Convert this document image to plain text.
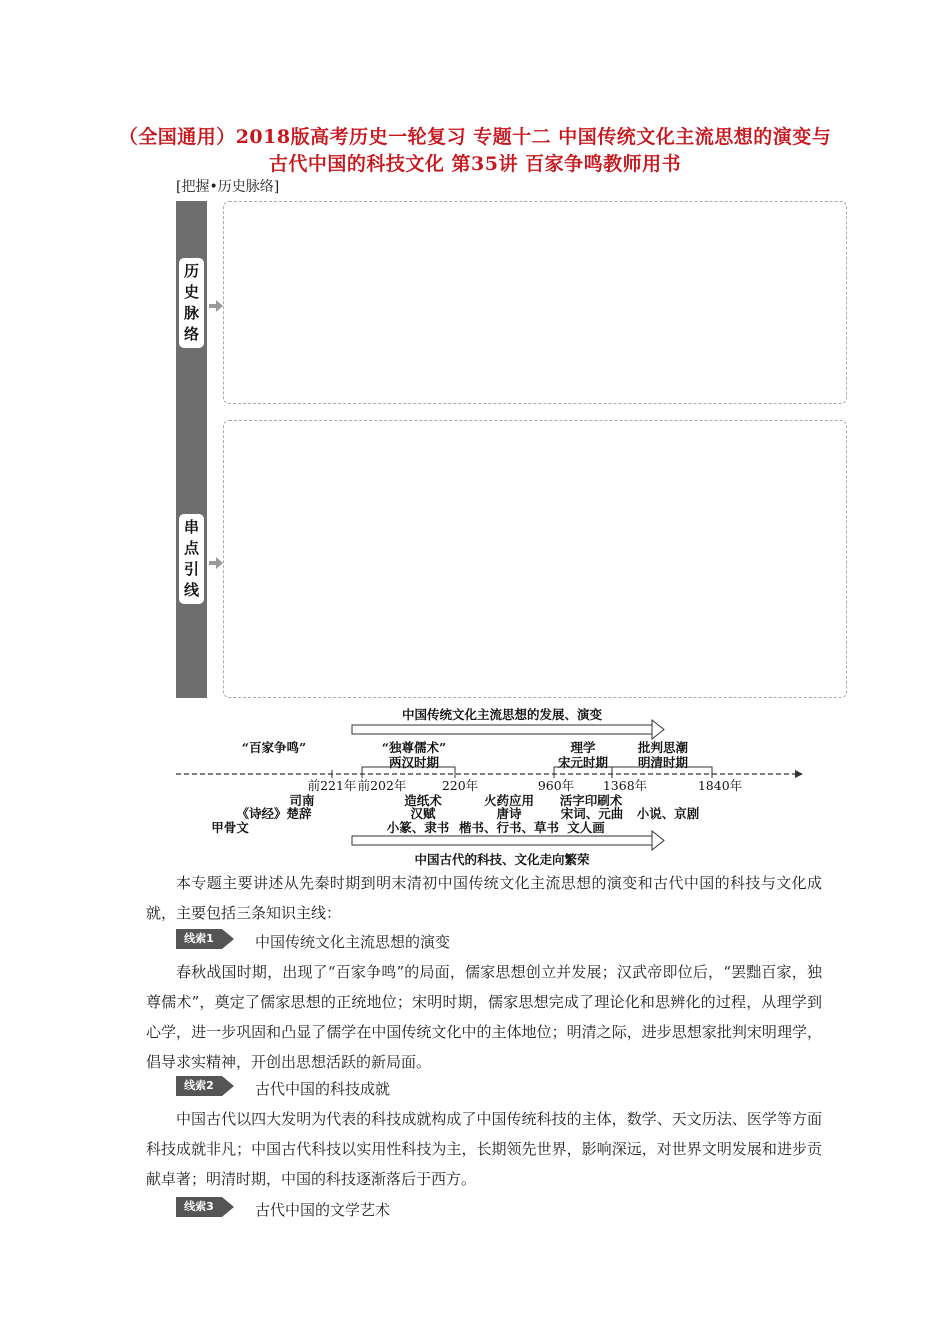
（全国通用）2018版高考历史一轮复习 专题十二 中国传统文化主流思想的演变与古代中国的科技文化 第35讲 百家争鸣教师用书
[把握•历史脉络]
历史脉络
串点引线
中国传统文化主流思想的发展、演变
中国古代的科技、文化走向繁荣
“百家争鸣”	“独尊儒术”
两汉时期
理学
宋元时期
批判思潮
明清时期
前221年 前202年	220年	960年 1368年	1840年
司南
《诗经》楚辞
甲骨文
造纸术
汉赋
小篆、隶书
火药应用
唐诗
楷书、行书、草书
活字印刷术
宋词、元曲
文人画
小说、京剧
本专题主要讲述从先秦时期到明末清初中国传统文化主流思想的演变和古代中国的科技与文化成就，主要包括三条知识主线：
线索1	中国传统文化主流思想的演变
春秋战国时期，出现了“百家争鸣”的局面，儒家思想创立并发展；汉武帝即位后，“罢黜百家，独尊儒术”，奠定了儒家思想的正统地位；宋明时期，儒家思想完成了理论化和思辨化的过程，从理学到心学，进一步巩固和凸显了儒学在中国传统文化中的主体地位；明清之际，进步思想家批判宋明理学，倡导求实精神，开创出思想活跃的新局面。
线索2	古代中国的科技成就
中国古代以四大发明为代表的科技成就构成了中国传统科技的主体，数学、天文历法、医学等方面科技成就非凡；中国古代科技以实用性科技为主，长期领先世界，影响深远，对世界文明发展和进步贡献卓著；明清时期，中国的科技逐渐落后于西方。
线索3	古代中国的文学艺术
